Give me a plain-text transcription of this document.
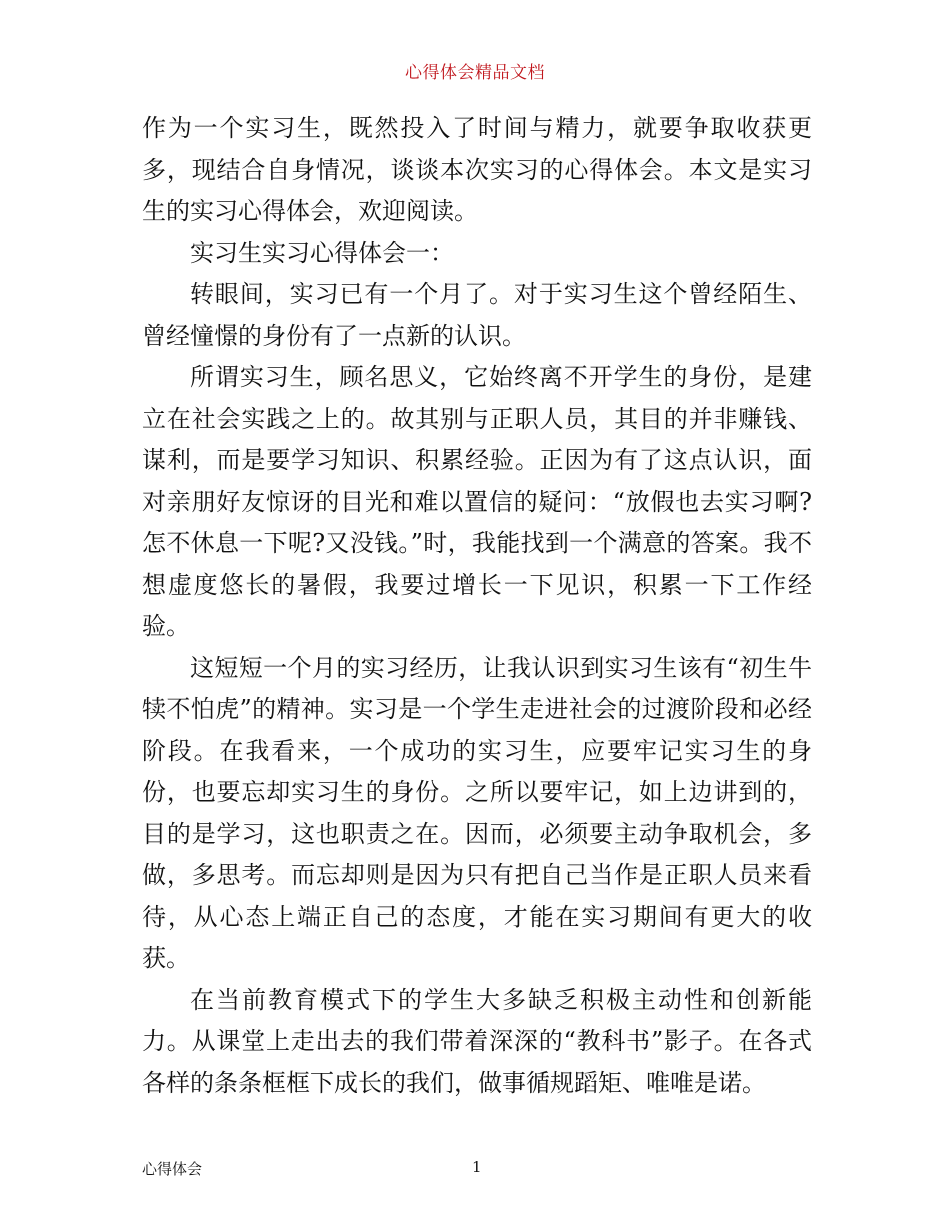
心得体会精品文档

作为一个实习生，既然投入了时间与精力，就要争取收获更多，现结合自身情况，谈谈本次实习的心得体会。本文是实习生的实习心得体会，欢迎阅读。

实习生实习心得体会一：

转眼间，实习已有一个月了。对于实习生这个曾经陌生、曾经憧憬的身份有了一点新的认识。

所谓实习生，顾名思义，它始终离不开学生的身份，是建立在社会实践之上的。故其别与正职人员，其目的并非赚钱、谋利，而是要学习知识、积累经验。正因为有了这点认识，面对亲朋好友惊讶的目光和难以置信的疑问：“放假也去实习啊?怎不休息一下呢?又没钱。”时，我能找到一个满意的答案。我不想虚度悠长的暑假，我要过增长一下见识，积累一下工作经验。

这短短一个月的实习经历，让我认识到实习生该有“初生牛犊不怕虎”的精神。实习是一个学生走进社会的过渡阶段和必经阶段。在我看来，一个成功的实习生，应要牢记实习生的身份，也要忘却实习生的身份。之所以要牢记，如上边讲到的，目的是学习，这也职责之在。因而，必须要主动争取机会，多做，多思考。而忘却则是因为只有把自己当作是正职人员来看待，从心态上端正自己的态度，才能在实习期间有更大的收获。

在当前教育模式下的学生大多缺乏积极主动性和创新能力。从课堂上走出去的我们带着深深的“教科书”影子。在各式各样的条条框框下成长的我们，做事循规蹈矩、唯唯是诺。

心得体会	1
